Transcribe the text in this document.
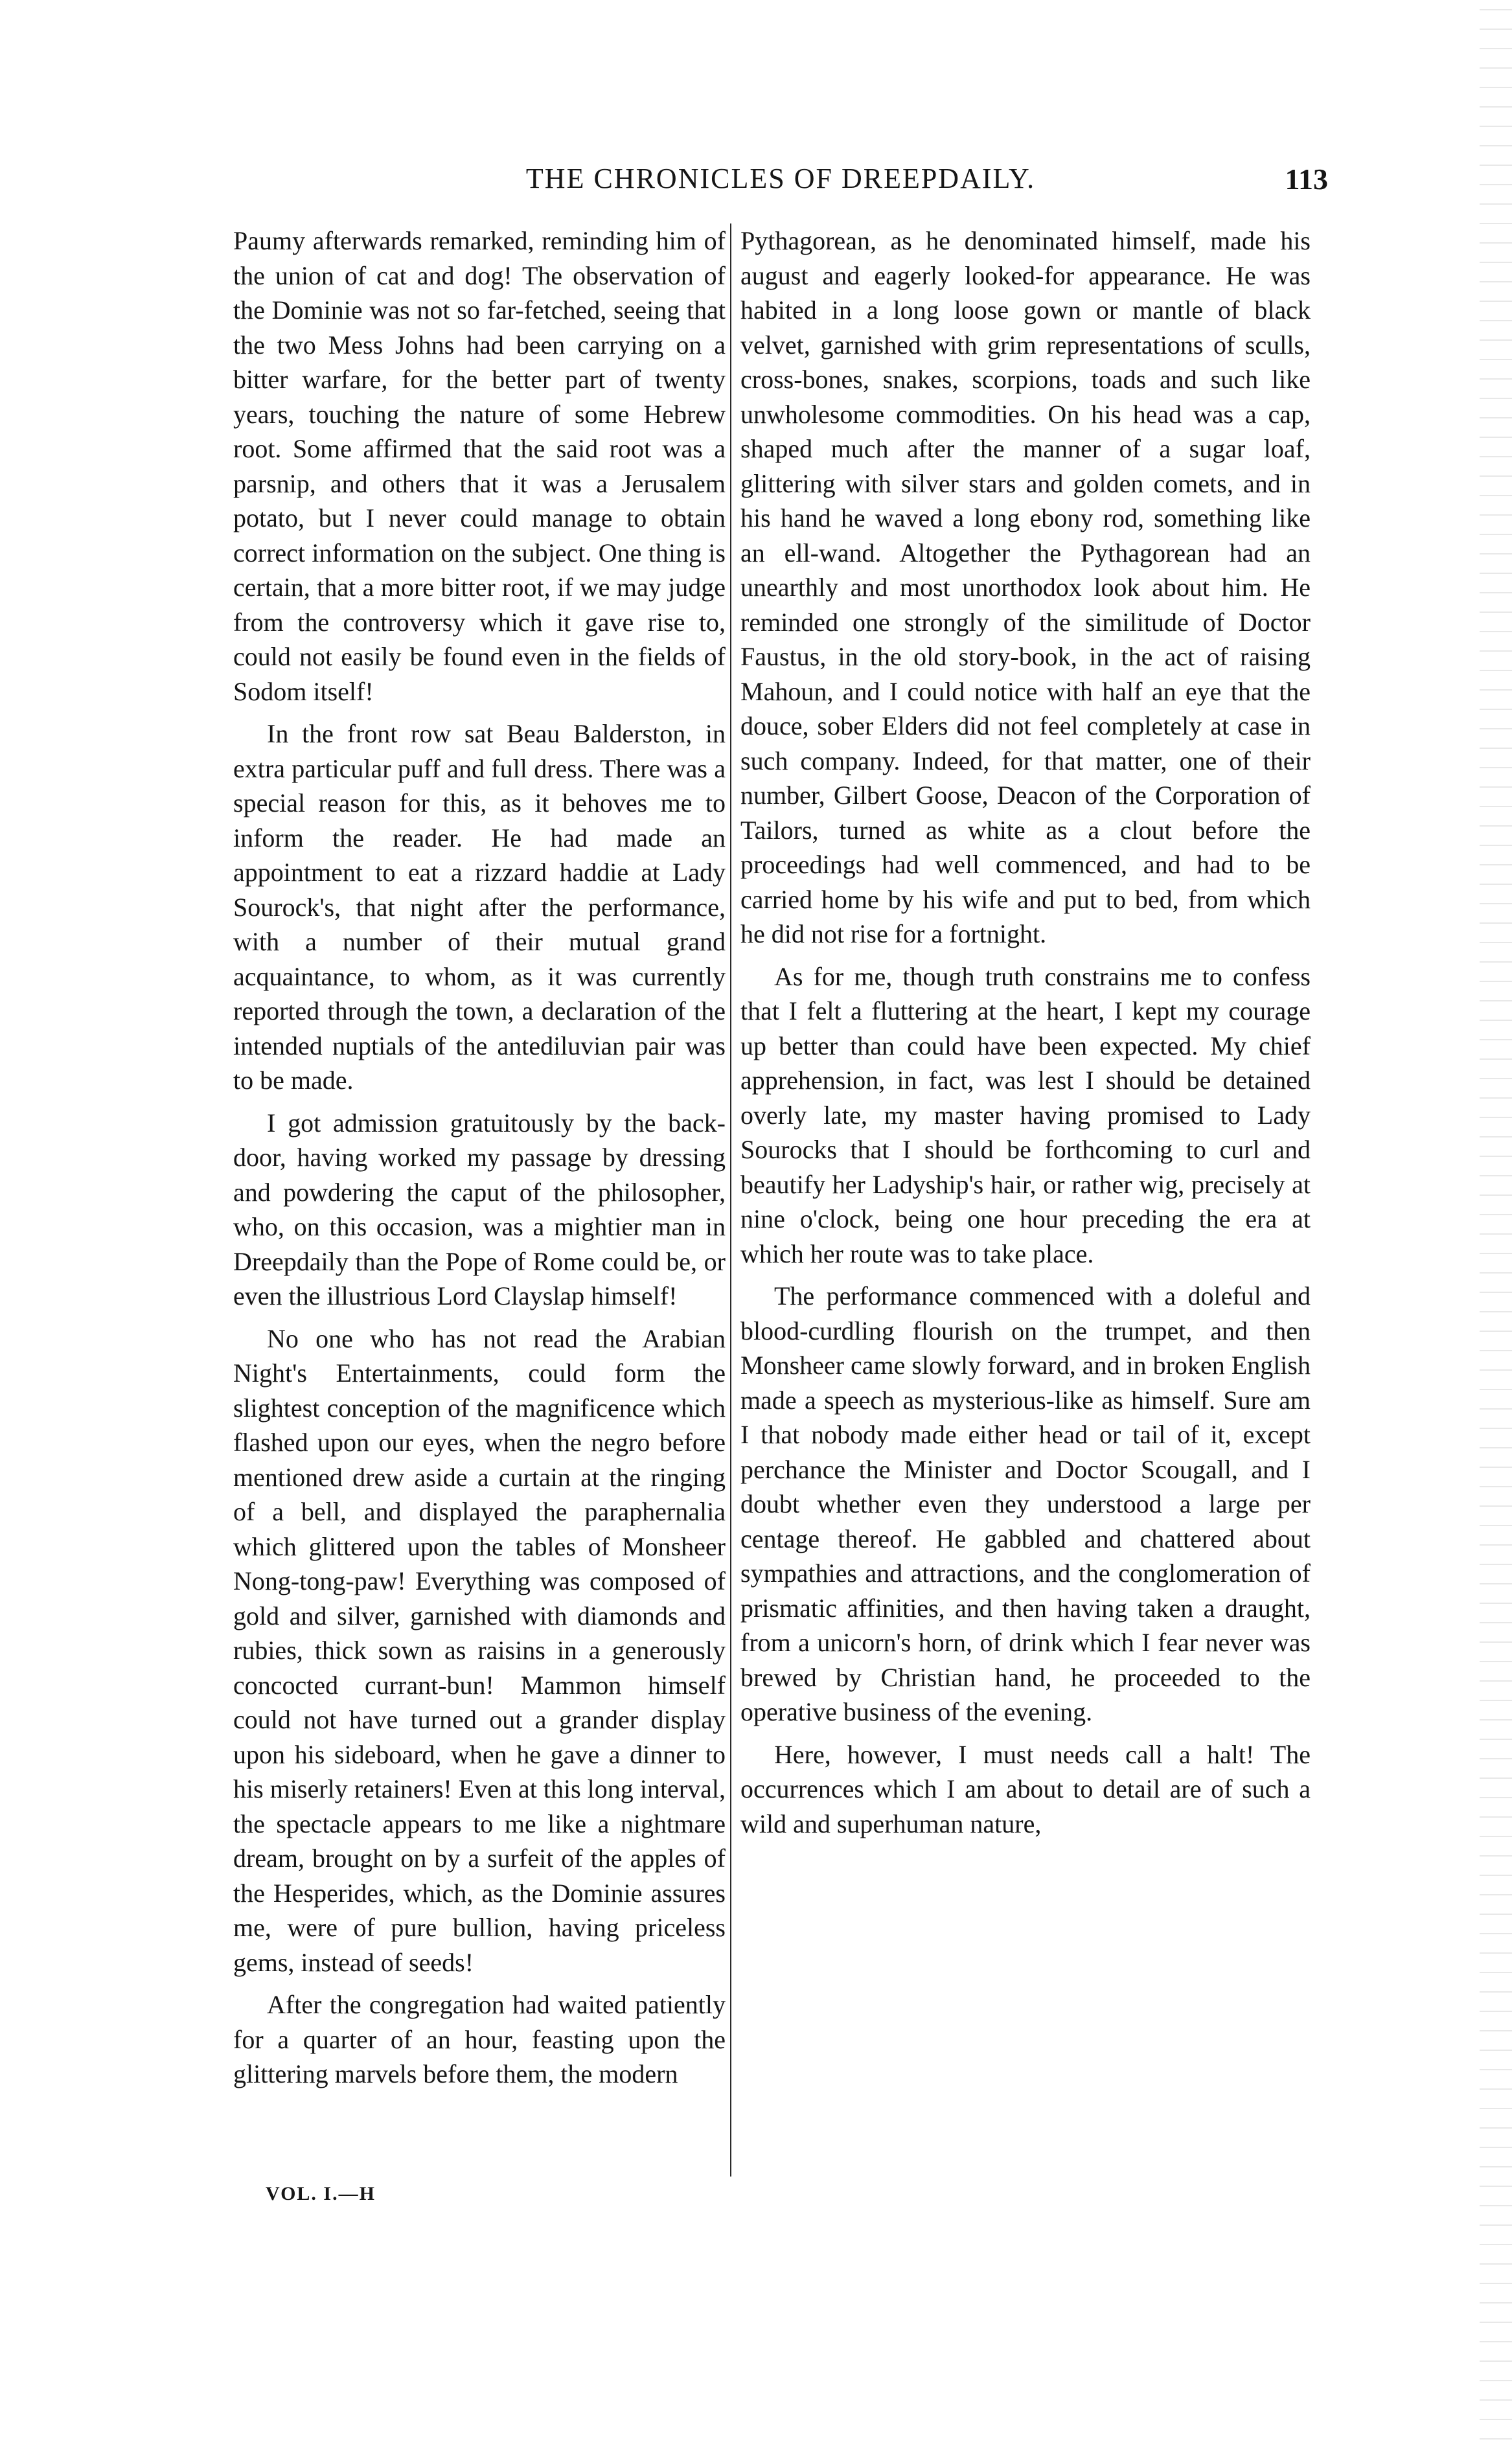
THE CHRONICLES OF DREEPDAILY.	113

Paumy afterwards remarked, reminding him of the union of cat and dog! The observation of the Dominie was not so far-fetched, seeing that the two Mess Johns had been carrying on a bitter warfare, for the better part of twenty years, touching the nature of some Hebrew root. Some affirmed that the said root was a parsnip, and others that it was a Jerusalem potato, but I never could manage to obtain correct information on the subject. One thing is certain, that a more bitter root, if we may judge from the controversy which it gave rise to, could not easily be found even in the fields of Sodom itself!

In the front row sat Beau Balderston, in extra particular puff and full dress. There was a special reason for this, as it behoves me to inform the reader. He had made an appointment to eat a rizzard haddie at Lady Sourock's, that night after the performance, with a number of their mutual grand acquaintance, to whom, as it was currently reported through the town, a declaration of the intended nuptials of the antediluvian pair was to be made.

I got admission gratuitously by the back-door, having worked my passage by dressing and powdering the caput of the philosopher, who, on this occasion, was a mightier man in Dreepdaily than the Pope of Rome could be, or even the illustrious Lord Clayslap himself!

No one who has not read the Arabian Night's Entertainments, could form the slightest conception of the magnificence which flashed upon our eyes, when the negro before mentioned drew aside a curtain at the ringing of a bell, and displayed the paraphernalia which glittered upon the tables of Monsheer Nong-tong-paw! Everything was composed of gold and silver, garnished with diamonds and rubies, thick sown as raisins in a generously concocted currant-bun! Mammon himself could not have turned out a grander display upon his sideboard, when he gave a dinner to his miserly retainers! Even at this long interval, the spectacle appears to me like a nightmare dream, brought on by a surfeit of the apples of the Hesperides, which, as the Dominie assures me, were of pure bullion, having priceless gems, instead of seeds!

After the congregation had waited patiently for a quarter of an hour, feasting upon the glittering marvels before them, the modern

Pythagorean, as he denominated himself, made his august and eagerly looked-for appearance. He was habited in a long loose gown or mantle of black velvet, garnished with grim representations of sculls, cross-bones, snakes, scorpions, toads and such like unwholesome commodities. On his head was a cap, shaped much after the manner of a sugar loaf, glittering with silver stars and golden comets, and in his hand he waved a long ebony rod, something like an ell-wand. Altogether the Pythagorean had an unearthly and most unorthodox look about him. He reminded one strongly of the similitude of Doctor Faustus, in the old story-book, in the act of raising Mahoun, and I could notice with half an eye that the douce, sober Elders did not feel completely at case in such company. Indeed, for that matter, one of their number, Gilbert Goose, Deacon of the Corporation of Tailors, turned as white as a clout before the proceedings had well commenced, and had to be carried home by his wife and put to bed, from which he did not rise for a fortnight.

As for me, though truth constrains me to confess that I felt a fluttering at the heart, I kept my courage up better than could have been expected. My chief apprehension, in fact, was lest I should be detained overly late, my master having promised to Lady Sourocks that I should be forthcoming to curl and beautify her Ladyship's hair, or rather wig, precisely at nine o'clock, being one hour preceding the era at which her route was to take place.

The performance commenced with a doleful and blood-curdling flourish on the trumpet, and then Monsheer came slowly forward, and in broken English made a speech as mysterious-like as himself. Sure am I that nobody made either head or tail of it, except perchance the Minister and Doctor Scougall, and I doubt whether even they understood a large per centage thereof. He gabbled and chattered about sympathies and attractions, and the conglomeration of prismatic affinities, and then having taken a draught, from a unicorn's horn, of drink which I fear never was brewed by Christian hand, he proceeded to the operative business of the evening.

Here, however, I must needs call a halt! The occurrences which I am about to detail are of such a wild and superhuman nature,

VOL. I.—H
